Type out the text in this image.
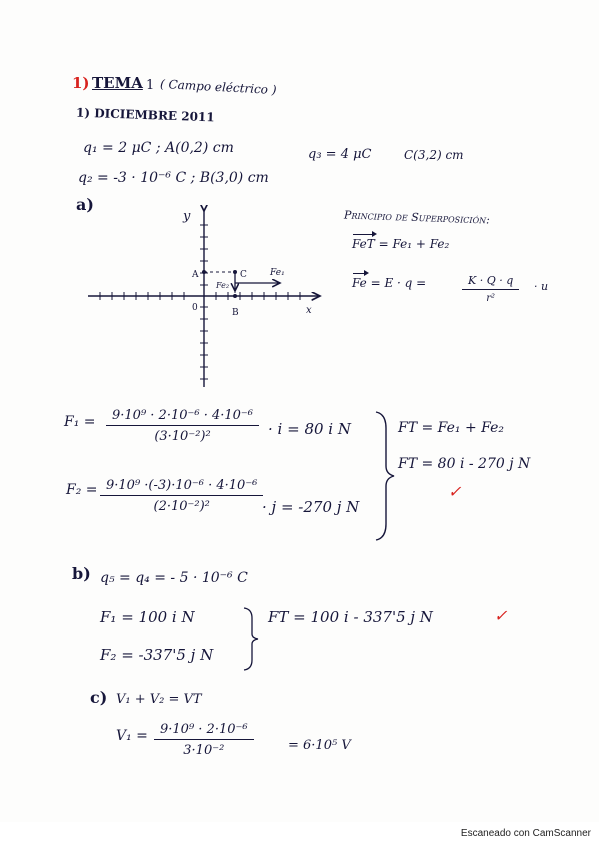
1) TEMA 1 ( Campo eléctrico )
1) DICIEMBRE 2011
q₁ = 2 μC ; A(0,2) cm	q₃ = 4 μC	C(3,2) cm
q₂ = -3 · 10⁻⁶ C ; B(3,0) cm
a)
y
x
0
A
B
C	Fe₁
Fe₂
Principio de Superposición:
FeT = Fe₁ + Fe₂
Fe = E · q =	$\frac{K \cdot Q \cdot q}{\text{r²}} \cdot u$
$F_1 = \frac{\text{9·10⁹ · 2·10⁻⁶ · 4·10⁻⁶}}{\text{(3·10⁻²)²}} \cdot i = 80$ i N
$F_2 = \frac{\text{9·10⁹ ·(-3)·10⁻⁶ · 4·10⁻⁶}}{\text{(2·10⁻²)²}}$
· j = -270 j N
FT = Fe₁ + Fe₂
FT = 80 i - 270 j N
✓
b) q₅ = q₄ = - 5 · 10⁻⁶ C
F₁ = 100 i N
F₂ = -337'5 j N
FT = 100 i - 337'5 j N	✓
c) V₁ + V₂ = VT
$V_1 = \frac{\text{9·10⁹ · 2·10⁻⁶}}{\text{3·10⁻²}}$	= 6·10⁵ V
Escaneado con CamScanner
